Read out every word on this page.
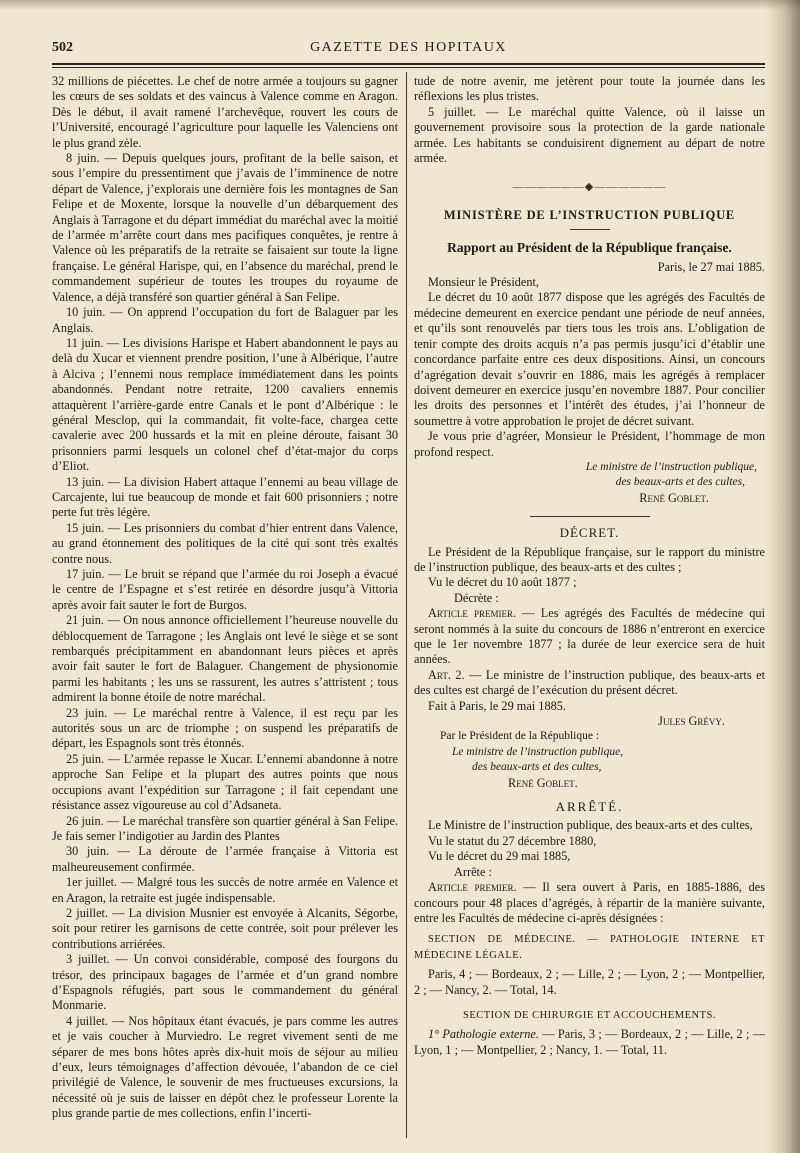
502	GAZETTE DES HOPITAUX

32 millions de piécettes. Le chef de notre armée a toujours su gagner les cœurs de ses soldats et des vaincus à Valence comme en Aragon. Dès le début, il avait ramené l’archevêque, rouvert les cours de l’Université, encouragé l’agriculture pour laquelle les Valenciens ont le plus grand zèle.

8 juin. — Depuis quelques jours, profitant de la belle saison, et sous l’empire du pressentiment que j’avais de l’imminence de notre départ de Valence, j’explorais une dernière fois les montagnes de San Felipe et de Moxente, lorsque la nouvelle d’un débarquement des Anglais à Tarragone et du départ immédiat du maréchal avec la moitié de l’armée m’arrête court dans mes pacifiques conquêtes, je rentre à Valence où les préparatifs de la retraite se faisaient sur toute la ligne française. Le général Harispe, qui, en l’absence du maréchal, prend le commandement supérieur de toutes les troupes du royaume de Valence, a déjà transféré son quartier général à San Felipe.

10 juin. — On apprend l’occupation du fort de Balaguer par les Anglais.

11 juin. — Les divisions Harispe et Habert abandonnent le pays au delà du Xucar et viennent prendre position, l’une à Albérique, l’autre à Alciva ; l’ennemi nous remplace immédiatement dans les points abandonnés. Pendant notre retraite, 1200 cavaliers ennemis attaquèrent l’arrière-garde entre Canals et le pont d’Albérique : le général Mesclop, qui la commandait, fit volte-face, chargea cette cavalerie avec 200 hussards et la mit en pleine déroute, faisant 30 prisonniers parmi lesquels un colonel chef d’état-major du corps d’Eliot.

13 juin. — La division Habert attaque l’ennemi au beau village de Carcajente, lui tue beaucoup de monde et fait 600 prisonniers ; notre perte fut très légère.

15 juin. — Les prisonniers du combat d’hier entrent dans Valence, au grand étonnement des politiques de la cité qui sont très exaltés contre nous.

17 juin. — Le bruit se répand que l’armée du roi Joseph a évacué le centre de l’Espagne et s’est retirée en désordre jusqu’à Vittoria après avoir fait sauter le fort de Burgos.

21 juin. — On nous annonce officiellement l’heureuse nouvelle du déblocquement de Tarragone ; les Anglais ont levé le siège et se sont rembarqués précipitamment en abandonnant leurs pièces et après avoir fait sauter le fort de Balaguer. Changement de physionomie parmi les habitants ; les uns se rassurent, les autres s’attristent ; tous admirent la bonne étoile de notre maréchal.

23 juin. — Le maréchal rentre à Valence, il est reçu par les autorités sous un arc de triomphe ; on suspend les préparatifs de départ, les Espagnols sont très étonnés.

25 juin. — L’armée repasse le Xucar. L’ennemi abandonne à notre approche San Felipe et la plupart des autres points que nous occupions avant l’expédition sur Tarragone ; il fait cependant une résistance assez vigoureuse au col d’Adsaneta.

26 juin. — Le maréchal transfère son quartier général à San Felipe. Je fais semer l’indigotier au Jardin des Plantes

30 juin. — La déroute de l’armée française à Vittoria est malheureusement confirmée.

1er juillet. — Malgré tous les succès de notre armée en Valence et en Aragon, la retraite est jugée indispensable.

2 juillet. — La division Musnier est envoyée à Alcanits, Ségorbe, soit pour retirer les garnisons de cette contrée, soit pour prélever les contributions arriérées.

3 juillet. — Un convoi considérable, composé des fourgons du trésor, des principaux bagages de l’armée et d’un grand nombre d’Espagnols réfugiés, part sous le commandement du général Monmarie.

4 juillet. — Nos hôpitaux étant évacués, je pars comme les autres et je vais coucher à Murviedro. Le regret vivement senti de me séparer de mes bons hôtes après dix-huit mois de séjour au milieu d’eux, leurs témoignages d’affection dévouée, l’abandon de ce ciel privilégié de Valence, le souvenir de mes fructueuses excursions, la nécessité où je suis de laisser en dépôt chez le professeur Lorente la plus grande partie de mes collections, enfin l’incerti-

tude de notre avenir, me jetèrent pour toute la journée dans les réflexions les plus tristes.

5 juillet. — Le maréchal quitte Valence, où il laisse un gouvernement provisoire sous la protection de la garde nationale armée. Les habitants se conduisirent dignement au départ de notre armée.

——————◆——————
MINISTÈRE DE L’INSTRUCTION PUBLIQUE
Rapport au Président de la République française.

Paris, le 27 mai 1885.

Monsieur le Président,

Le décret du 10 août 1877 dispose que les agrégés des Facultés de médecine demeurent en exercice pendant une période de neuf années, et qu’ils sont renouvelés par tiers tous les trois ans. L’obligation de tenir compte des droits acquis n’a pas permis jusqu’ici d’établir une concordance parfaite entre ces deux dispositions. Ainsi, un concours d’agrégation devait s’ouvrir en 1886, mais les agrégés à remplacer doivent demeurer en exercice jusqu’en novembre 1887. Pour concilier les droits des personnes et l’intérêt des études, j’ai l’honneur de soumettre à votre approbation le projet de décret suivant.

Je vous prie d’agréer, Monsieur le Président, l’hommage de mon profond respect.

Le ministre de l’instruction publique,

des beaux-arts et des cultes,

René Goblet.

DÉCRET.

Le Président de la République française, sur le rapport du ministre de l’instruction publique, des beaux-arts et des cultes ;

Vu le décret du 10 août 1877 ;

Décrète :

Article premier. — Les agrégés des Facultés de médecine qui seront nommés à la suite du concours de 1886 n’entreront en exercice que le 1er novembre 1877 ; la durée de leur exercice sera de huit années.

Art. 2. — Le ministre de l’instruction publique, des beaux-arts et des cultes est chargé de l’exécution du présent décret.

Fait à Paris, le 29 mai 1885.

Jules Grévy.

Par le Président de la République :

Le ministre de l’instruction publique,

des beaux-arts et des cultes,

René Goblet.

ARRÊTÉ.

Le Ministre de l’instruction publique, des beaux-arts et des cultes,

Vu le statut du 27 décembre 1880,

Vu le décret du 29 mai 1885,

Arrête :

Article premier. — Il sera ouvert à Paris, en 1885-1886, des concours pour 48 places d’agrégés, à répartir de la manière suivante, entre les Facultés de médecine ci-après désignées :

SECTION DE MÉDECINE. — PATHOLOGIE INTERNE ET MÉDECINE LÉGALE.

Paris, 4 ; — Bordeaux, 2 ; — Lille, 2 ; — Lyon, 2 ; — Montpellier, 2 ; — Nancy, 2. — Total, 14.

SECTION DE CHIRURGIE ET ACCOUCHEMENTS.

1° Pathologie externe. — Paris, 3 ; — Bordeaux, 2 ; — Lille, 2 ; — Lyon, 1 ; — Montpellier, 2 ; Nancy, 1. — Total, 11.
